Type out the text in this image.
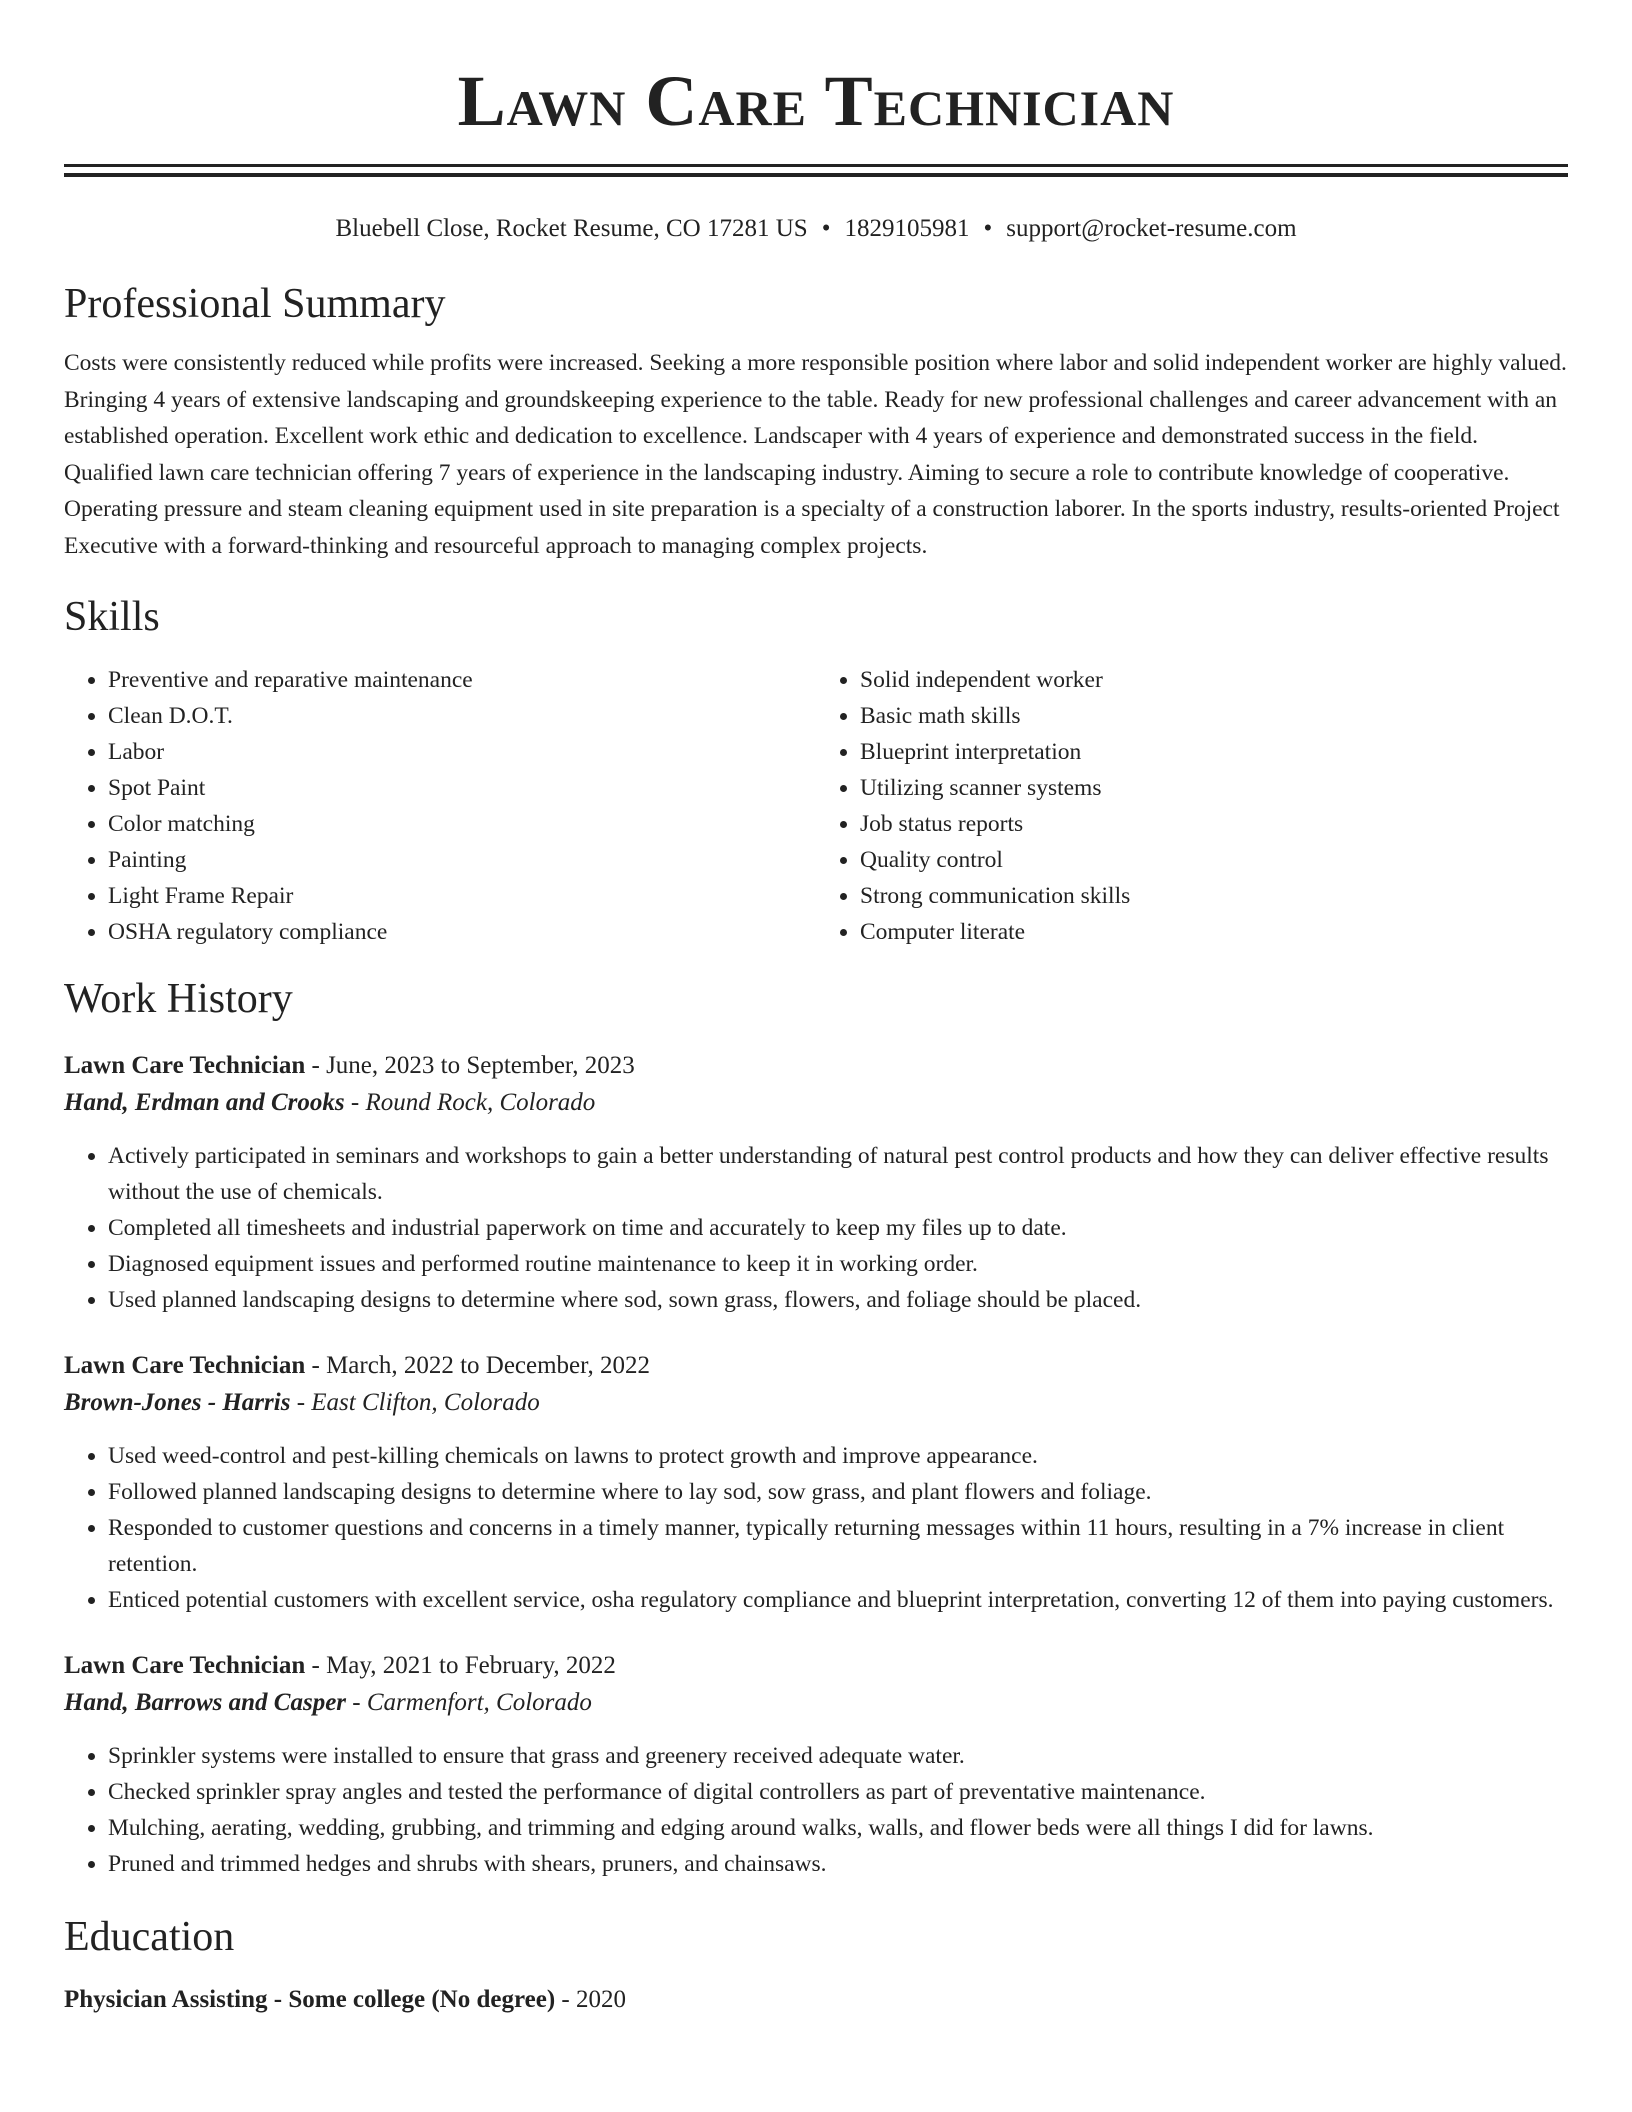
Lawn Care Technician
Bluebell Close, Rocket Resume, CO 17281 US • 1829105981 • support@rocket-resume.com
Professional Summary

Costs were consistently reduced while profits were increased. Seeking a more responsible position where labor and solid independent worker are highly valued. Bringing 4 years of extensive landscaping and groundskeeping experience to the table. Ready for new professional challenges and career advancement with an established operation. Excellent work ethic and dedication to excellence. Landscaper with 4 years of experience and demonstrated success in the field. Qualified lawn care technician offering 7 years of experience in the landscaping industry. Aiming to secure a role to contribute knowledge of cooperative. Operating pressure and steam cleaning equipment used in site preparation is a specialty of a construction laborer. In the sports industry, results-oriented Project Executive with a forward-thinking and resourceful approach to managing complex projects.

Skills
• Preventive and reparative maintenance
• Clean D.O.T.
• Labor
• Spot Paint
• Color matching
• Painting
• Light Frame Repair
• OSHA regulatory compliance
• Solid independent worker
• Basic math skills
• Blueprint interpretation
• Utilizing scanner systems
• Job status reports
• Quality control
• Strong communication skills
• Computer literate
Work History
Lawn Care Technician - June, 2023 to September, 2023
Hand, Erdman and Crooks - Round Rock, Colorado
• Actively participated in seminars and workshops to gain a better understanding of natural pest control products and how they can deliver effective results without the use of chemicals.
• Completed all timesheets and industrial paperwork on time and accurately to keep my files up to date.
• Diagnosed equipment issues and performed routine maintenance to keep it in working order.
• Used planned landscaping designs to determine where sod, sown grass, flowers, and foliage should be placed.
Lawn Care Technician - March, 2022 to December, 2022
Brown-Jones - Harris - East Clifton, Colorado
• Used weed-control and pest-killing chemicals on lawns to protect growth and improve appearance.
• Followed planned landscaping designs to determine where to lay sod, sow grass, and plant flowers and foliage.
• Responded to customer questions and concerns in a timely manner, typically returning messages within 11 hours, resulting in a 7% increase in client retention.
• Enticed potential customers with excellent service, osha regulatory compliance and blueprint interpretation, converting 12 of them into paying customers.
Lawn Care Technician - May, 2021 to February, 2022
Hand, Barrows and Casper - Carmenfort, Colorado
• Sprinkler systems were installed to ensure that grass and greenery received adequate water.
• Checked sprinkler spray angles and tested the performance of digital controllers as part of preventative maintenance.
• Mulching, aerating, wedding, grubbing, and trimming and edging around walks, walls, and flower beds were all things I did for lawns.
• Pruned and trimmed hedges and shrubs with shears, pruners, and chainsaws.
Education
Physician Assisting - Some college (No degree) - 2020
